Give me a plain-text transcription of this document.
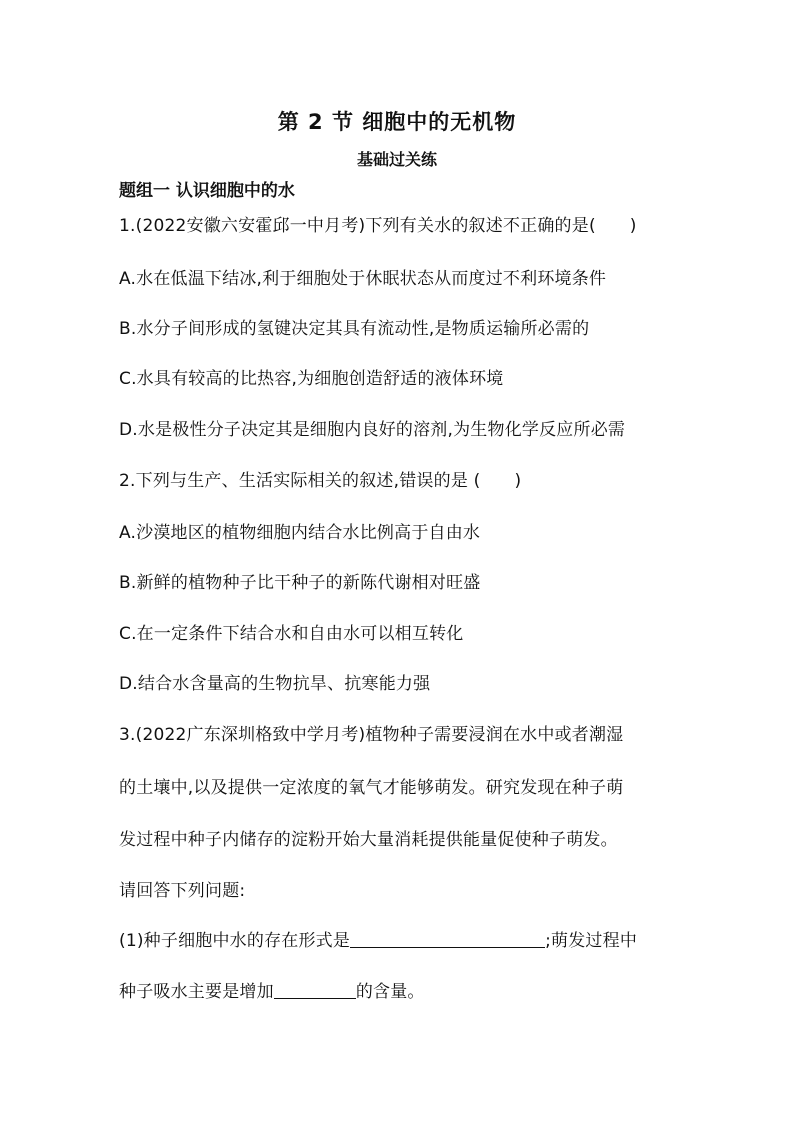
第 2 节 细胞中的无机物
基础过关练
题组一 认识细胞中的水
1.(2022安徽六安霍邱一中月考)下列有关水的叙述不正确的是( )
A.水在低温下结冰,利于细胞处于休眠状态从而度过不利环境条件
B.水分子间形成的氢键决定其具有流动性,是物质运输所必需的
C.水具有较高的比热容,为细胞创造舒适的液体环境
D.水是极性分子决定其是细胞内良好的溶剂,为生物化学反应所必需
2.下列与生产、生活实际相关的叙述,错误的是 ( )
A.沙漠地区的植物细胞内结合水比例高于自由水
B.新鲜的植物种子比干种子的新陈代谢相对旺盛
C.在一定条件下结合水和自由水可以相互转化
D.结合水含量高的生物抗旱、抗寒能力强
3.(2022广东深圳格致中学月考)植物种子需要浸润在水中或者潮湿
的土壤中,以及提供一定浓度的氧气才能够萌发。研究发现在种子萌
发过程中种子内储存的淀粉开始大量消耗提供能量促使种子萌发。
请回答下列问题:
(1)种子细胞中水的存在形式是	;萌发过程中
种子吸水主要是增加	的含量。
